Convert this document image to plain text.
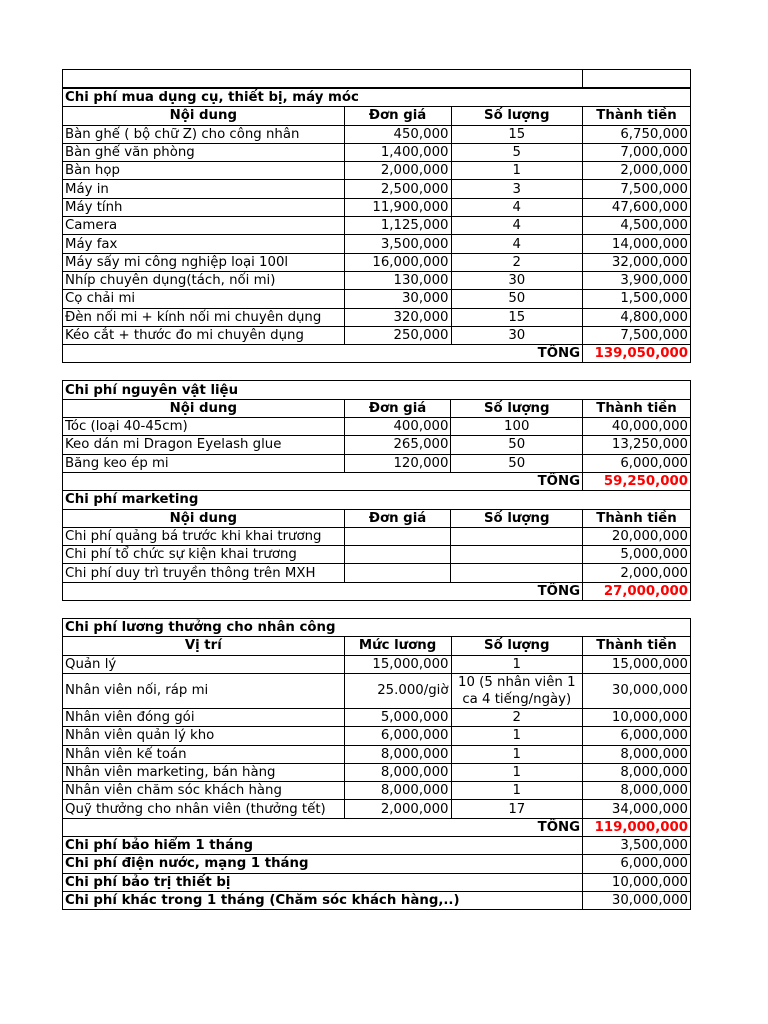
Chi phí mua dụng cụ, thiết bị, máy móc			
Nội dung	Đơn giá	Số lượng	Thành tiền
Bàn ghế ( bộ chữ Z) cho công nhân	450,000	15	6,750,000
Bàn ghế văn phòng	1,400,000	5	7,000,000
Bàn họp	2,000,000	1	2,000,000
Máy in	2,500,000	3	7,500,000
Máy tính	11,900,000	4	47,600,000
Camera	1,125,000	4	4,500,000
Máy fax	3,500,000	4	14,000,000
Máy sấy mi công nghiệp loại 100l	16,000,000	2	32,000,000
Nhíp chuyên dụng(tách, nối mi)	130,000	30	3,900,000
Cọ chải mi	30,000	50	1,500,000
Đèn nối mi + kính nối mi chuyên dụng	320,000	15	4,800,000
Kéo cắt + thước đo mi chuyên dụng	250,000	30	7,500,000
TỔNG			139,050,000
Chi phí nguyên vật liệu			
Nội dung	Đơn giá	Số lượng	Thành tiền
Tóc (loại 40-45cm)	400,000	100	40,000,000
Keo dán mi Dragon Eyelash glue	265,000	50	13,250,000
Băng keo ép mi	120,000	50	6,000,000
TỔNG			59,250,000
Chi phí marketing			
Nội dung	Đơn giá	Số lượng	Thành tiền
Chi phí quảng bá trước khi khai trương			20,000,000
Chi phí tổ chức sự kiện khai trương			5,000,000
Chi phí duy trì truyền thông trên MXH			2,000,000
TỔNG			27,000,000
Chi phí lương thưởng cho nhân công			
Vị trí	Mức lương	Số lượng	Thành tiền
Quản lý	15,000,000	1	15,000,000
Nhân viên nối, ráp mi	25.000/giờ	10 (5 nhân viên 1 ca 4 tiếng/ngày)	30,000,000
Nhân viên đóng gói	5,000,000	2	10,000,000
Nhân viên quản lý kho	6,000,000	1	6,000,000
Nhân viên kế toán	8,000,000	1	8,000,000
Nhân viên marketing, bán hàng	8,000,000	1	8,000,000
Nhân viên chăm sóc khách hàng	8,000,000	1	8,000,000
Quỹ thưởng cho nhân viên (thưởng tết)	2,000,000	17	34,000,000
TỔNG			119,000,000
Chi phí bảo hiểm 1 tháng			3,500,000
Chi phí điện nước, mạng 1 tháng			6,000,000
Chi phí bảo trị thiết bị			10,000,000
Chi phí khác trong 1 tháng (Chăm sóc khách hàng,..)			30,000,000
